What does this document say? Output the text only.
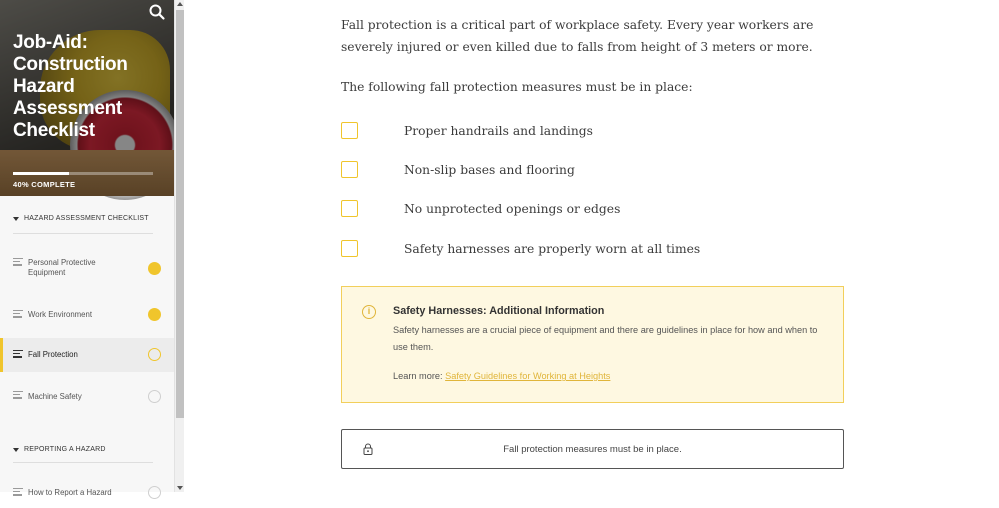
Job-Aid: Construction Hazard Assessment Checklist
40% COMPLETE
HAZARD ASSESSMENT CHECKLIST
Personal Protective Equipment
Work Environment
Fall Protection
Machine Safety
REPORTING A HAZARD
How to Report a Hazard

Fall protection is a critical part of workplace safety. Every year workers are severely injured or even killed due to falls from height of 3 meters or more.

The following fall protection measures must be in place:

Proper handrails and landings
Non-slip bases and flooring
No unprotected openings or edges
Safety harnesses are properly worn at all times
i	Safety Harnesses: Additional Information
Safety harnesses are a crucial piece of equipment and there are guidelines in place for how and when to use them.
Learn more: Safety Guidelines for Working at Heights
Fall protection measures must be in place.
